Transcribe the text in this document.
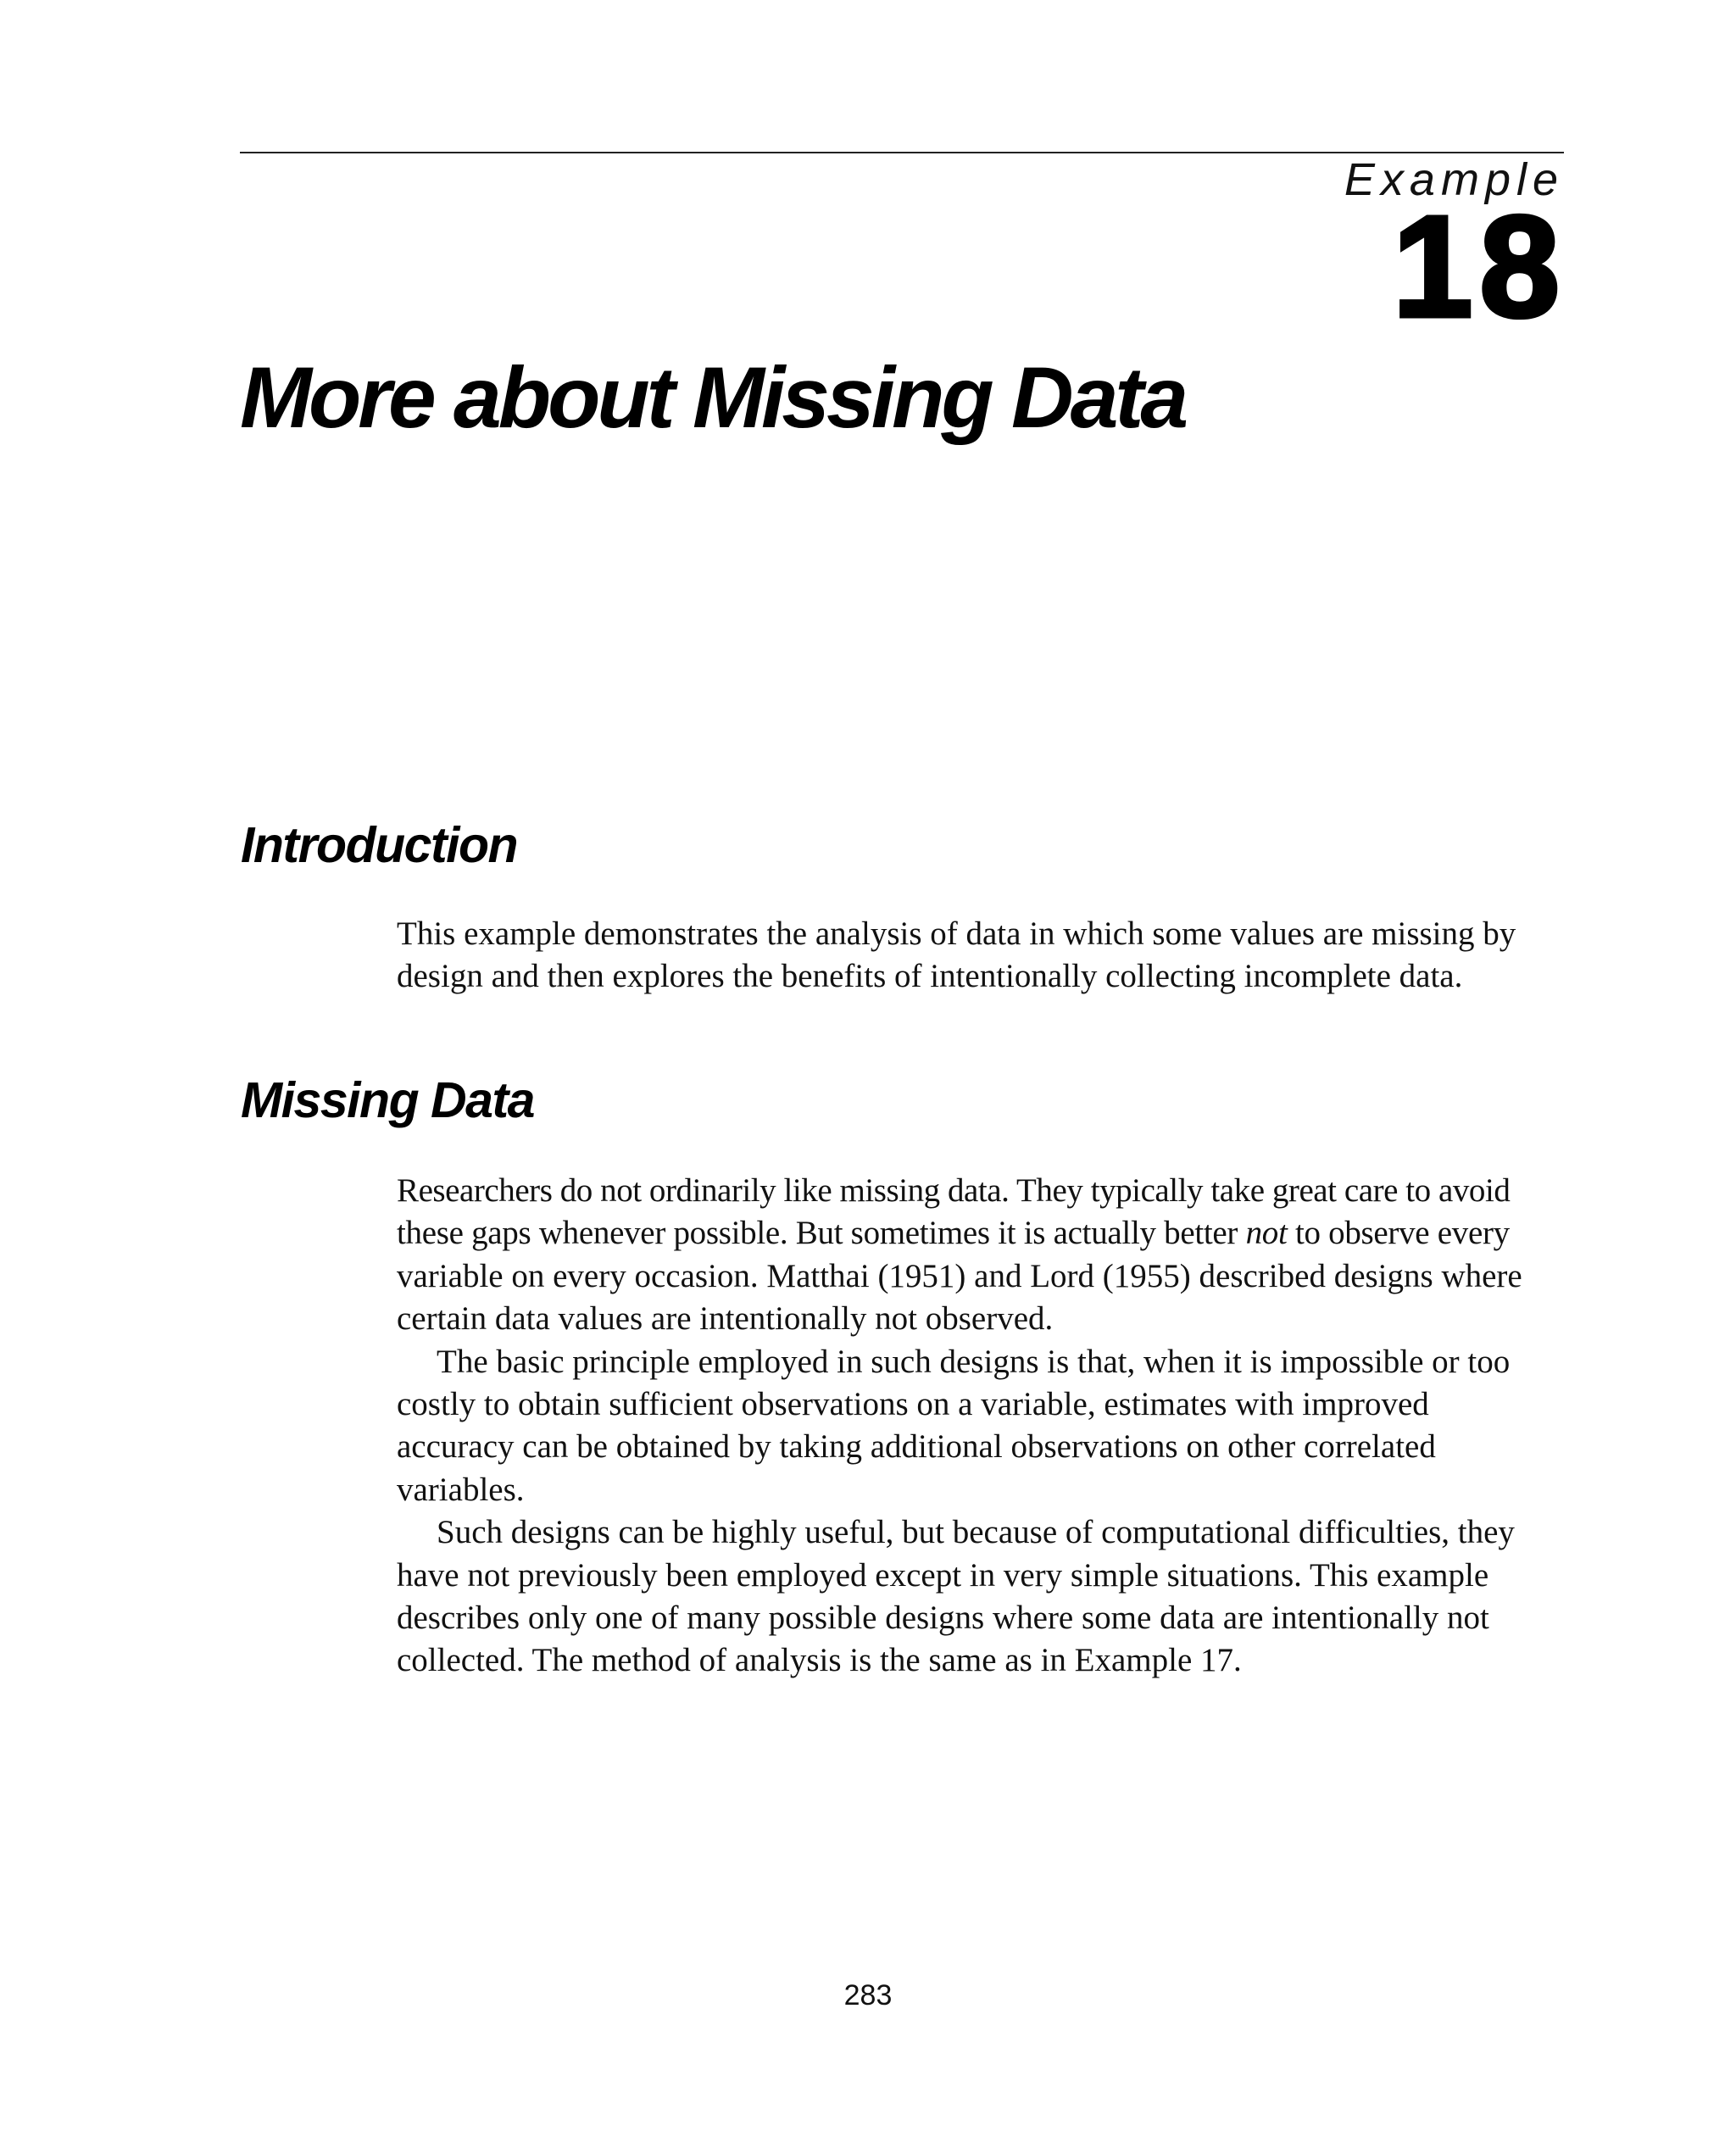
Example
18
More about Missing Data
Introduction
This example demonstrates the analysis of data in which some values are missing by
design and then explores the benefits of intentionally collecting incomplete data.
Missing Data
Researchers do not ordinarily like missing data. They typically take great care to avoid
these gaps whenever possible. But sometimes it is actually better not to observe every
variable on every occasion. Matthai (1951) and Lord (1955) described designs where
certain data values are intentionally not observed.
The basic principle employed in such designs is that, when it is impossible or too
costly to obtain sufficient observations on a variable, estimates with improved
accuracy can be obtained by taking additional observations on other correlated
variables.
Such designs can be highly useful, but because of computational difficulties, they
have not previously been employed except in very simple situations. This example
describes only one of many possible designs where some data are intentionally not
collected. The method of analysis is the same as in Example 17.
283
